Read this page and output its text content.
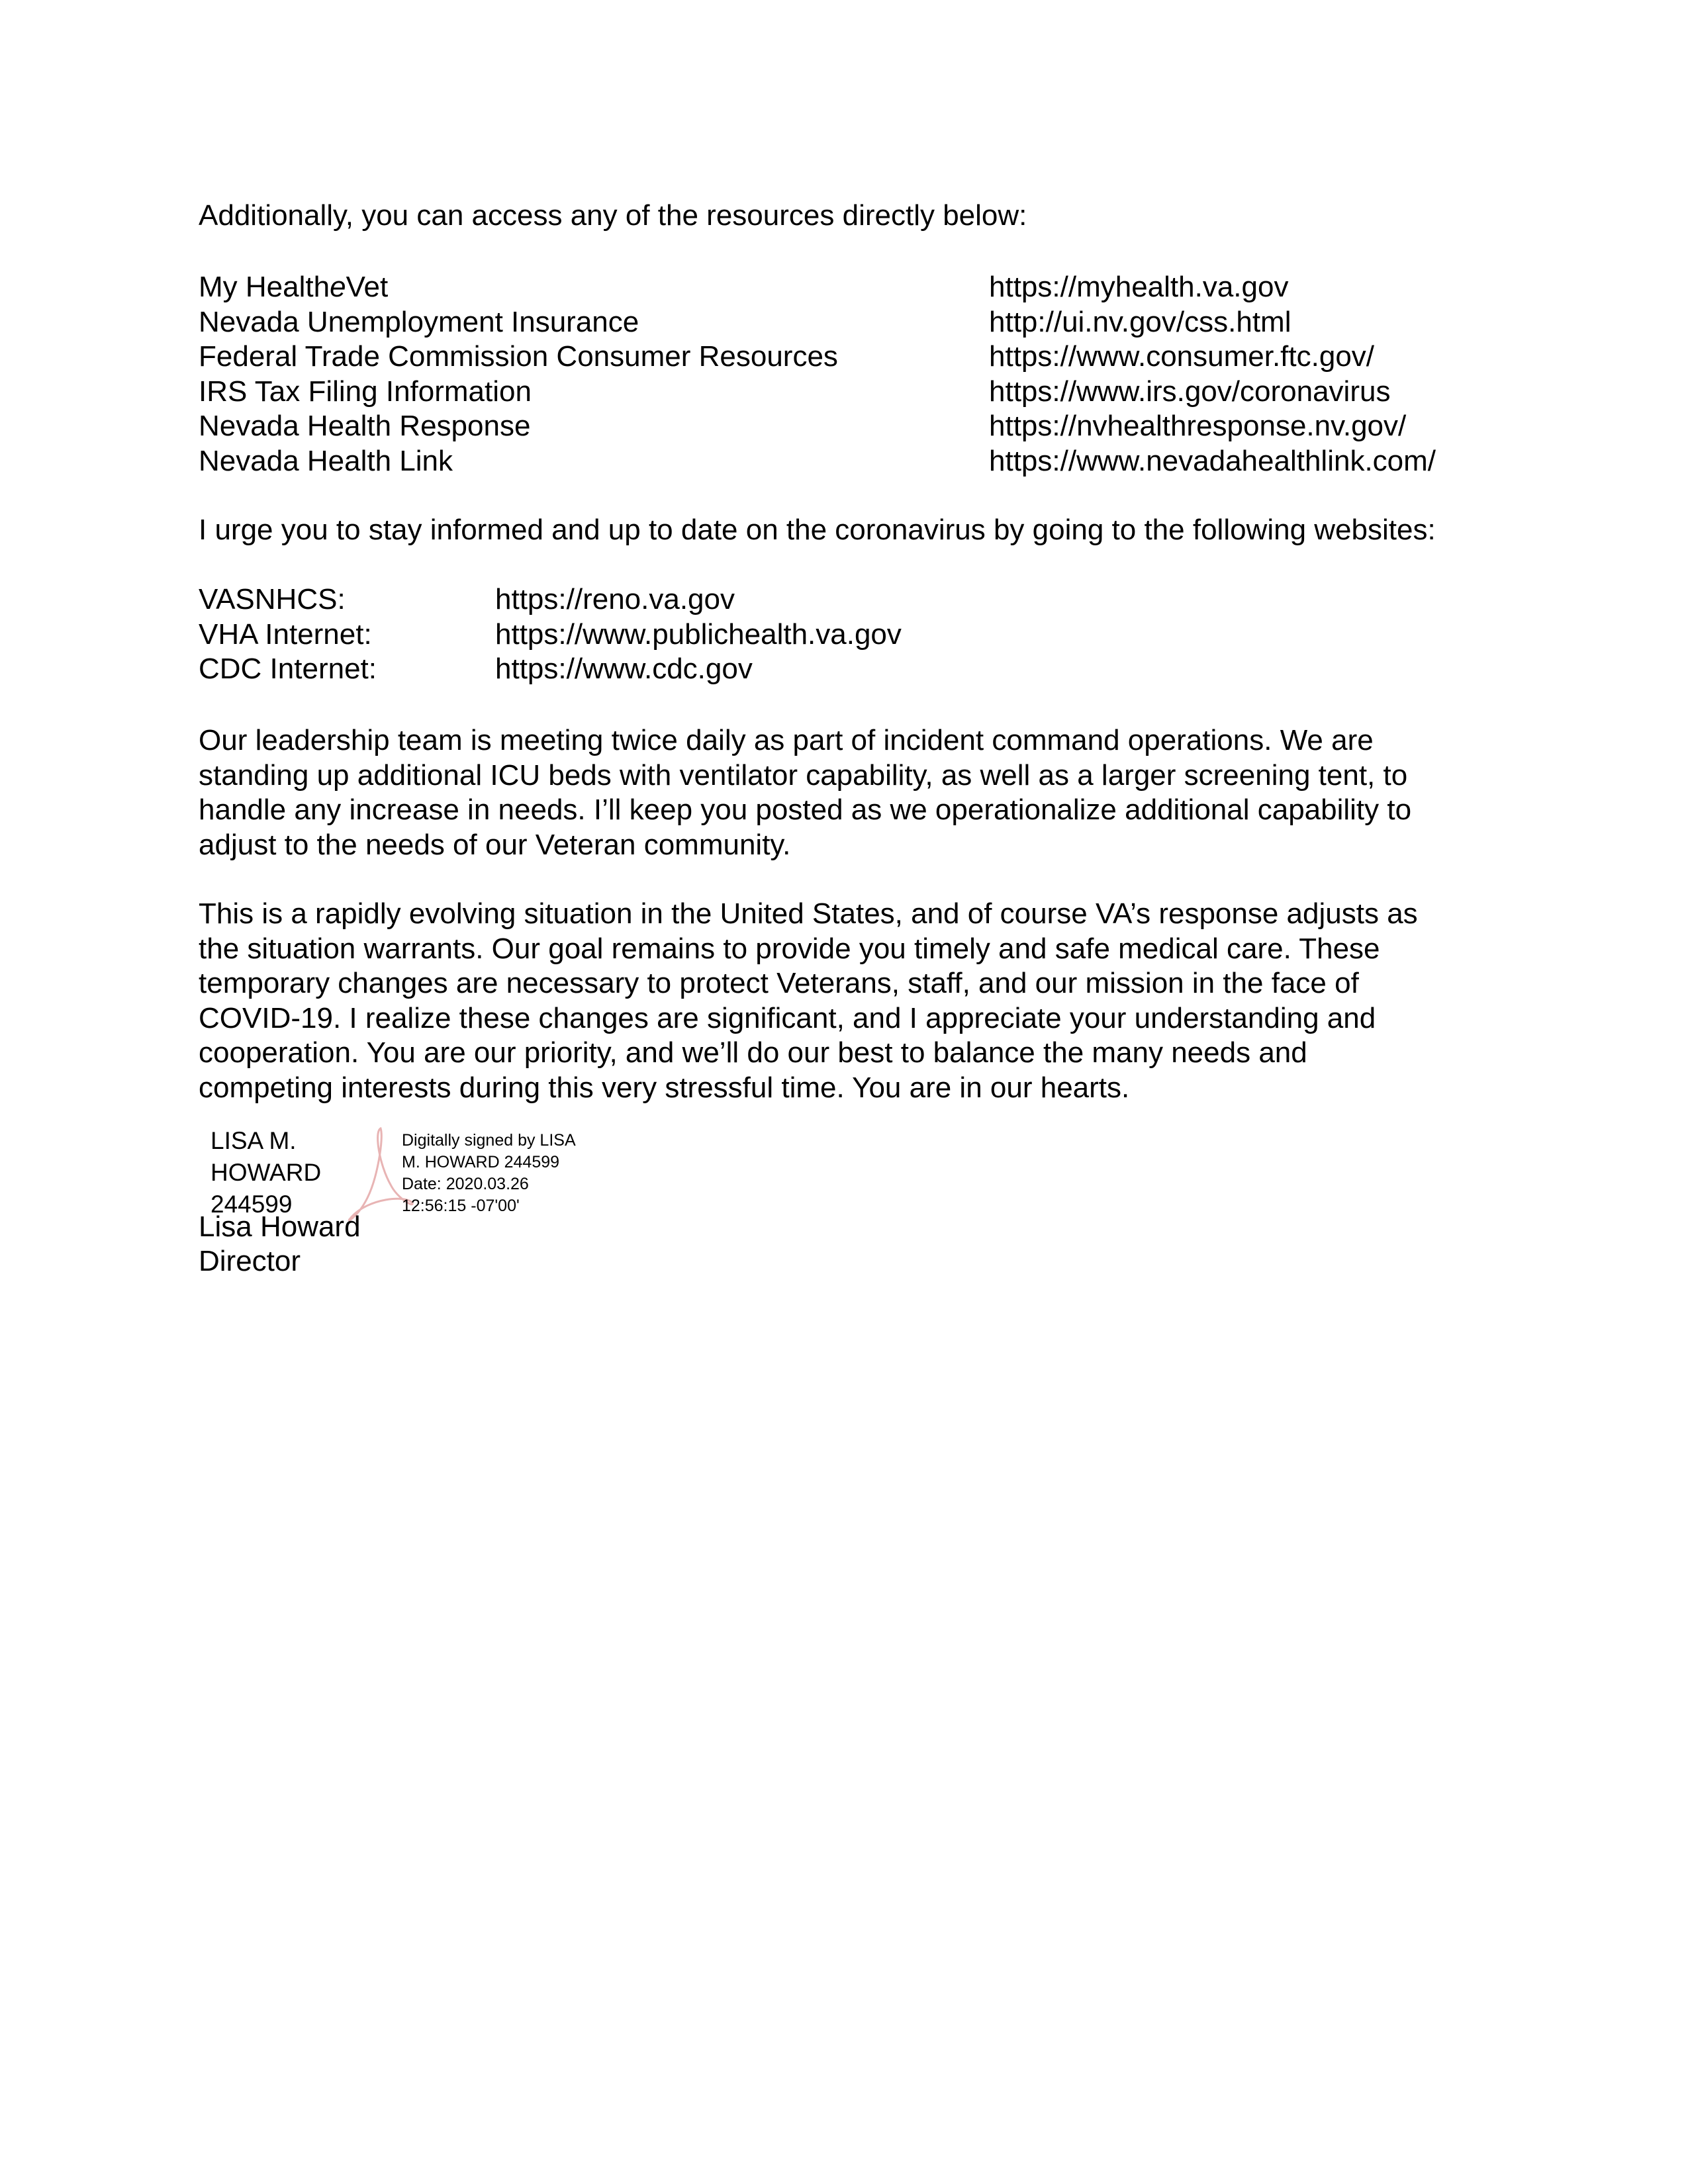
Additionally, you can access any of the resources directly below:
My HealtheVet	https://myhealth.va.gov
Nevada Unemployment Insurance	http://ui.nv.gov/css.html
Federal Trade Commission Consumer Resources	https://www.consumer.ftc.gov/
IRS Tax Filing Information	https://www.irs.gov/coronavirus
Nevada Health Response	https://nvhealthresponse.nv.gov/
Nevada Health Link	https://www.nevadahealthlink.com/
I urge you to stay informed and up to date on the coronavirus by going to the following websites:
VASNHCS:	https://reno.va.gov
VHA Internet:	https://www.publichealth.va.gov
CDC Internet:	https://www.cdc.gov
Our leadership team is meeting twice daily as part of incident command operations. We are
standing up additional ICU beds with ventilator capability, as well as a larger screening tent, to
handle any increase in needs. I’ll keep you posted as we operationalize additional capability to
adjust to the needs of our Veteran community.
This is a rapidly evolving situation in the United States, and of course VA’s response adjusts as
the situation warrants. Our goal remains to provide you timely and safe medical care. These
temporary changes are necessary to protect Veterans, staff, and our mission in the face of
COVID-19. I realize these changes are significant, and I appreciate your understanding and
cooperation. You are our priority, and we’ll do our best to balance the many needs and
competing interests during this very stressful time. You are in our hearts.
LISA M.
HOWARD
244599
Digitally signed by LISA
M. HOWARD 244599
Date: 2020.03.26
12:56:15 -07'00'
Lisa Howard
Director
